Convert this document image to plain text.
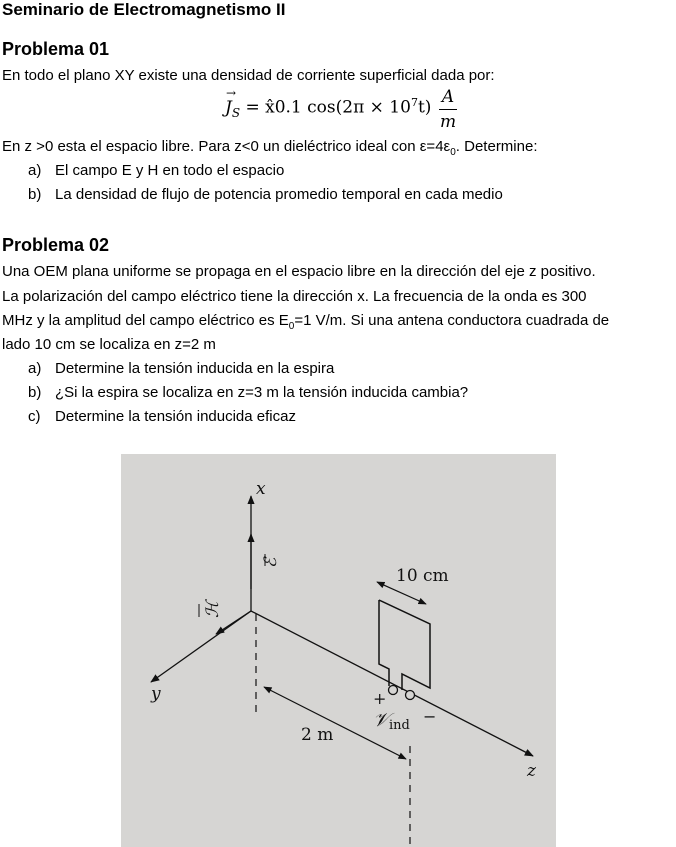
Seminario de Electromagnetismo II
Problema 01
En todo el plano XY existe una densidad de corriente superficial dada por:
J
→
$_S$ = x̂0.1 $\cos(2\pi \times 10^7t)$
A
m
En z >0 esta el espacio libre. Para z<0 un dieléctrico ideal con $\varepsilon=4\varepsilon_0$. Determine:
a) El campo E y H en todo el espacio
b) La densidad de flujo de potencia promedio temporal en cada medio
Problema 02
Una OEM plana uniforme se propaga en el espacio libre en la dirección del eje z positivo.
La polarización del campo eléctrico tiene la dirección x. La frecuencia de la onda es 300
MHz y la amplitud del campo eléctrico es $E_0=1$ V/m. Si una antena conductora cuadrada de
lado 10 cm se localiza en z=2 m
a) Determine la tensión inducida en la espira
b) ¿Si la espira se localiza en z=3 m la tensión inducida cambia?
c) Determine la tensión inducida eficaz
x
y
z
ℰ
ℋ
10 cm
2 m
+
−
𝒱 ind
